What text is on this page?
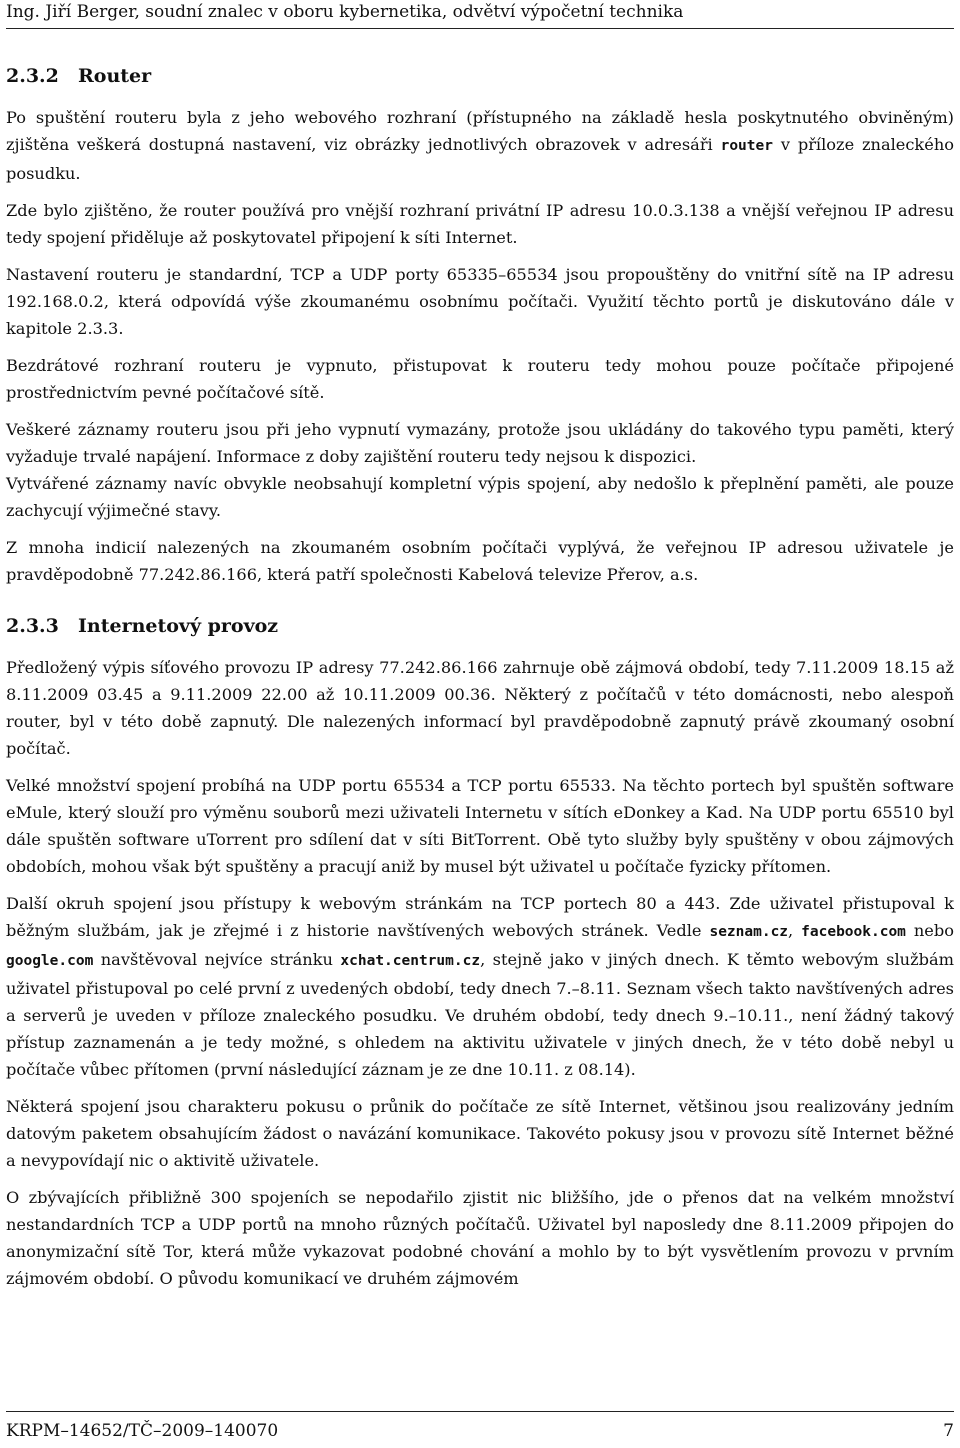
Ing. Jiří Berger, soudní znalec v oboru kybernetika, odvětví výpočetní technika
2.3.2 Router

Po spuštění routeru byla z jeho webového rozhraní (přístupného na základě hesla poskytnutého obviněným) zjištěna veškerá dostupná nastavení, viz obrázky jednotlivých obrazovek v adresáři router v příloze znaleckého posudku.

Zde bylo zjištěno, že router používá pro vnější rozhraní privátní IP adresu 10.0.3.138 a vnější veřejnou IP adresu tedy spojení přiděluje až poskytovatel připojení k síti Internet.

Nastavení routeru je standardní, TCP a UDP porty 65335–65534 jsou propouštěny do vnitřní sítě na IP adresu 192.168.0.2, která odpovídá výše zkoumanému osobnímu počítači. Využití těchto portů je diskutováno dále v kapitole 2.3.3.

Bezdrátové rozhraní routeru je vypnuto, přistupovat k routeru tedy mohou pouze počítače připojené prostřednictvím pevné počítačové sítě.

Veškeré záznamy routeru jsou při jeho vypnutí vymazány, protože jsou ukládány do takového typu paměti, který vyžaduje trvalé napájení. Informace z doby zajištění routeru tedy nejsou k dispozici.

Vytvářené záznamy navíc obvykle neobsahují kompletní výpis spojení, aby nedošlo k přeplnění paměti, ale pouze zachycují výjimečné stavy.

Z mnoha indicií nalezených na zkoumaném osobním počítači vyplývá, že veřejnou IP adresou uživatele je pravděpodobně 77.242.86.166, která patří společnosti Kabelová televize Přerov, a.s.

2.3.3 Internetový provoz

Předložený výpis síťového provozu IP adresy 77.242.86.166 zahrnuje obě zájmová období, tedy 7.11.2009 18.15 až 8.11.2009 03.45 a 9.11.2009 22.00 až 10.11.2009 00.36. Některý z počítačů v této domácnosti, nebo alespoň router, byl v této době zapnutý. Dle nalezených informací byl pravděpodobně zapnutý právě zkoumaný osobní počítač.

Velké množství spojení probíhá na UDP portu 65534 a TCP portu 65533. Na těchto portech byl spuštěn software eMule, který slouží pro výměnu souborů mezi uživateli Internetu v sítích eDonkey a Kad. Na UDP portu 65510 byl dále spuštěn software uTorrent pro sdílení dat v síti BitTorrent. Obě tyto služby byly spuštěny v obou zájmových obdobích, mohou však být spuštěny a pracují aniž by musel být uživatel u počítače fyzicky přítomen.

Další okruh spojení jsou přístupy k webovým stránkám na TCP portech 80 a 443. Zde uživatel přistupoval k běžným službám, jak je zřejmé i z historie navštívených webových stránek. Vedle seznam.cz, facebook.com nebo google.com navštěvoval nejvíce stránku xchat.centrum.cz, stejně jako v jiných dnech. K těmto webovým službám uživatel přistupoval po celé první z uvedených období, tedy dnech 7.–8.11. Seznam všech takto navštívených adres a serverů je uveden v příloze znaleckého posudku. Ve druhém období, tedy dnech 9.–10.11., není žádný takový přístup zaznamenán a je tedy možné, s ohledem na aktivitu uživatele v jiných dnech, že v této době nebyl u počítače vůbec přítomen (první následující záznam je ze dne 10.11. z 08.14).

Některá spojení jsou charakteru pokusu o průnik do počítače ze sítě Internet, většinou jsou realizovány jedním datovým paketem obsahujícím žádost o navázání komunikace. Takovéto pokusy jsou v provozu sítě Internet běžné a nevypovídají nic o aktivitě uživatele.

O zbývajících přibližně 300 spojeních se nepodařilo zjistit nic bližšího, jde o přenos dat na velkém množství nestandardních TCP a UDP portů na mnoho různých počítačů. Uživatel byl naposledy dne 8.11.2009 připojen do anonymizační sítě Tor, která může vykazovat podobné chování a mohlo by to být vysvětlením provozu v prvním zájmovém období. O původu komunikací ve druhém zájmovém

KRPM–14652/TČ–2009–140070	7
